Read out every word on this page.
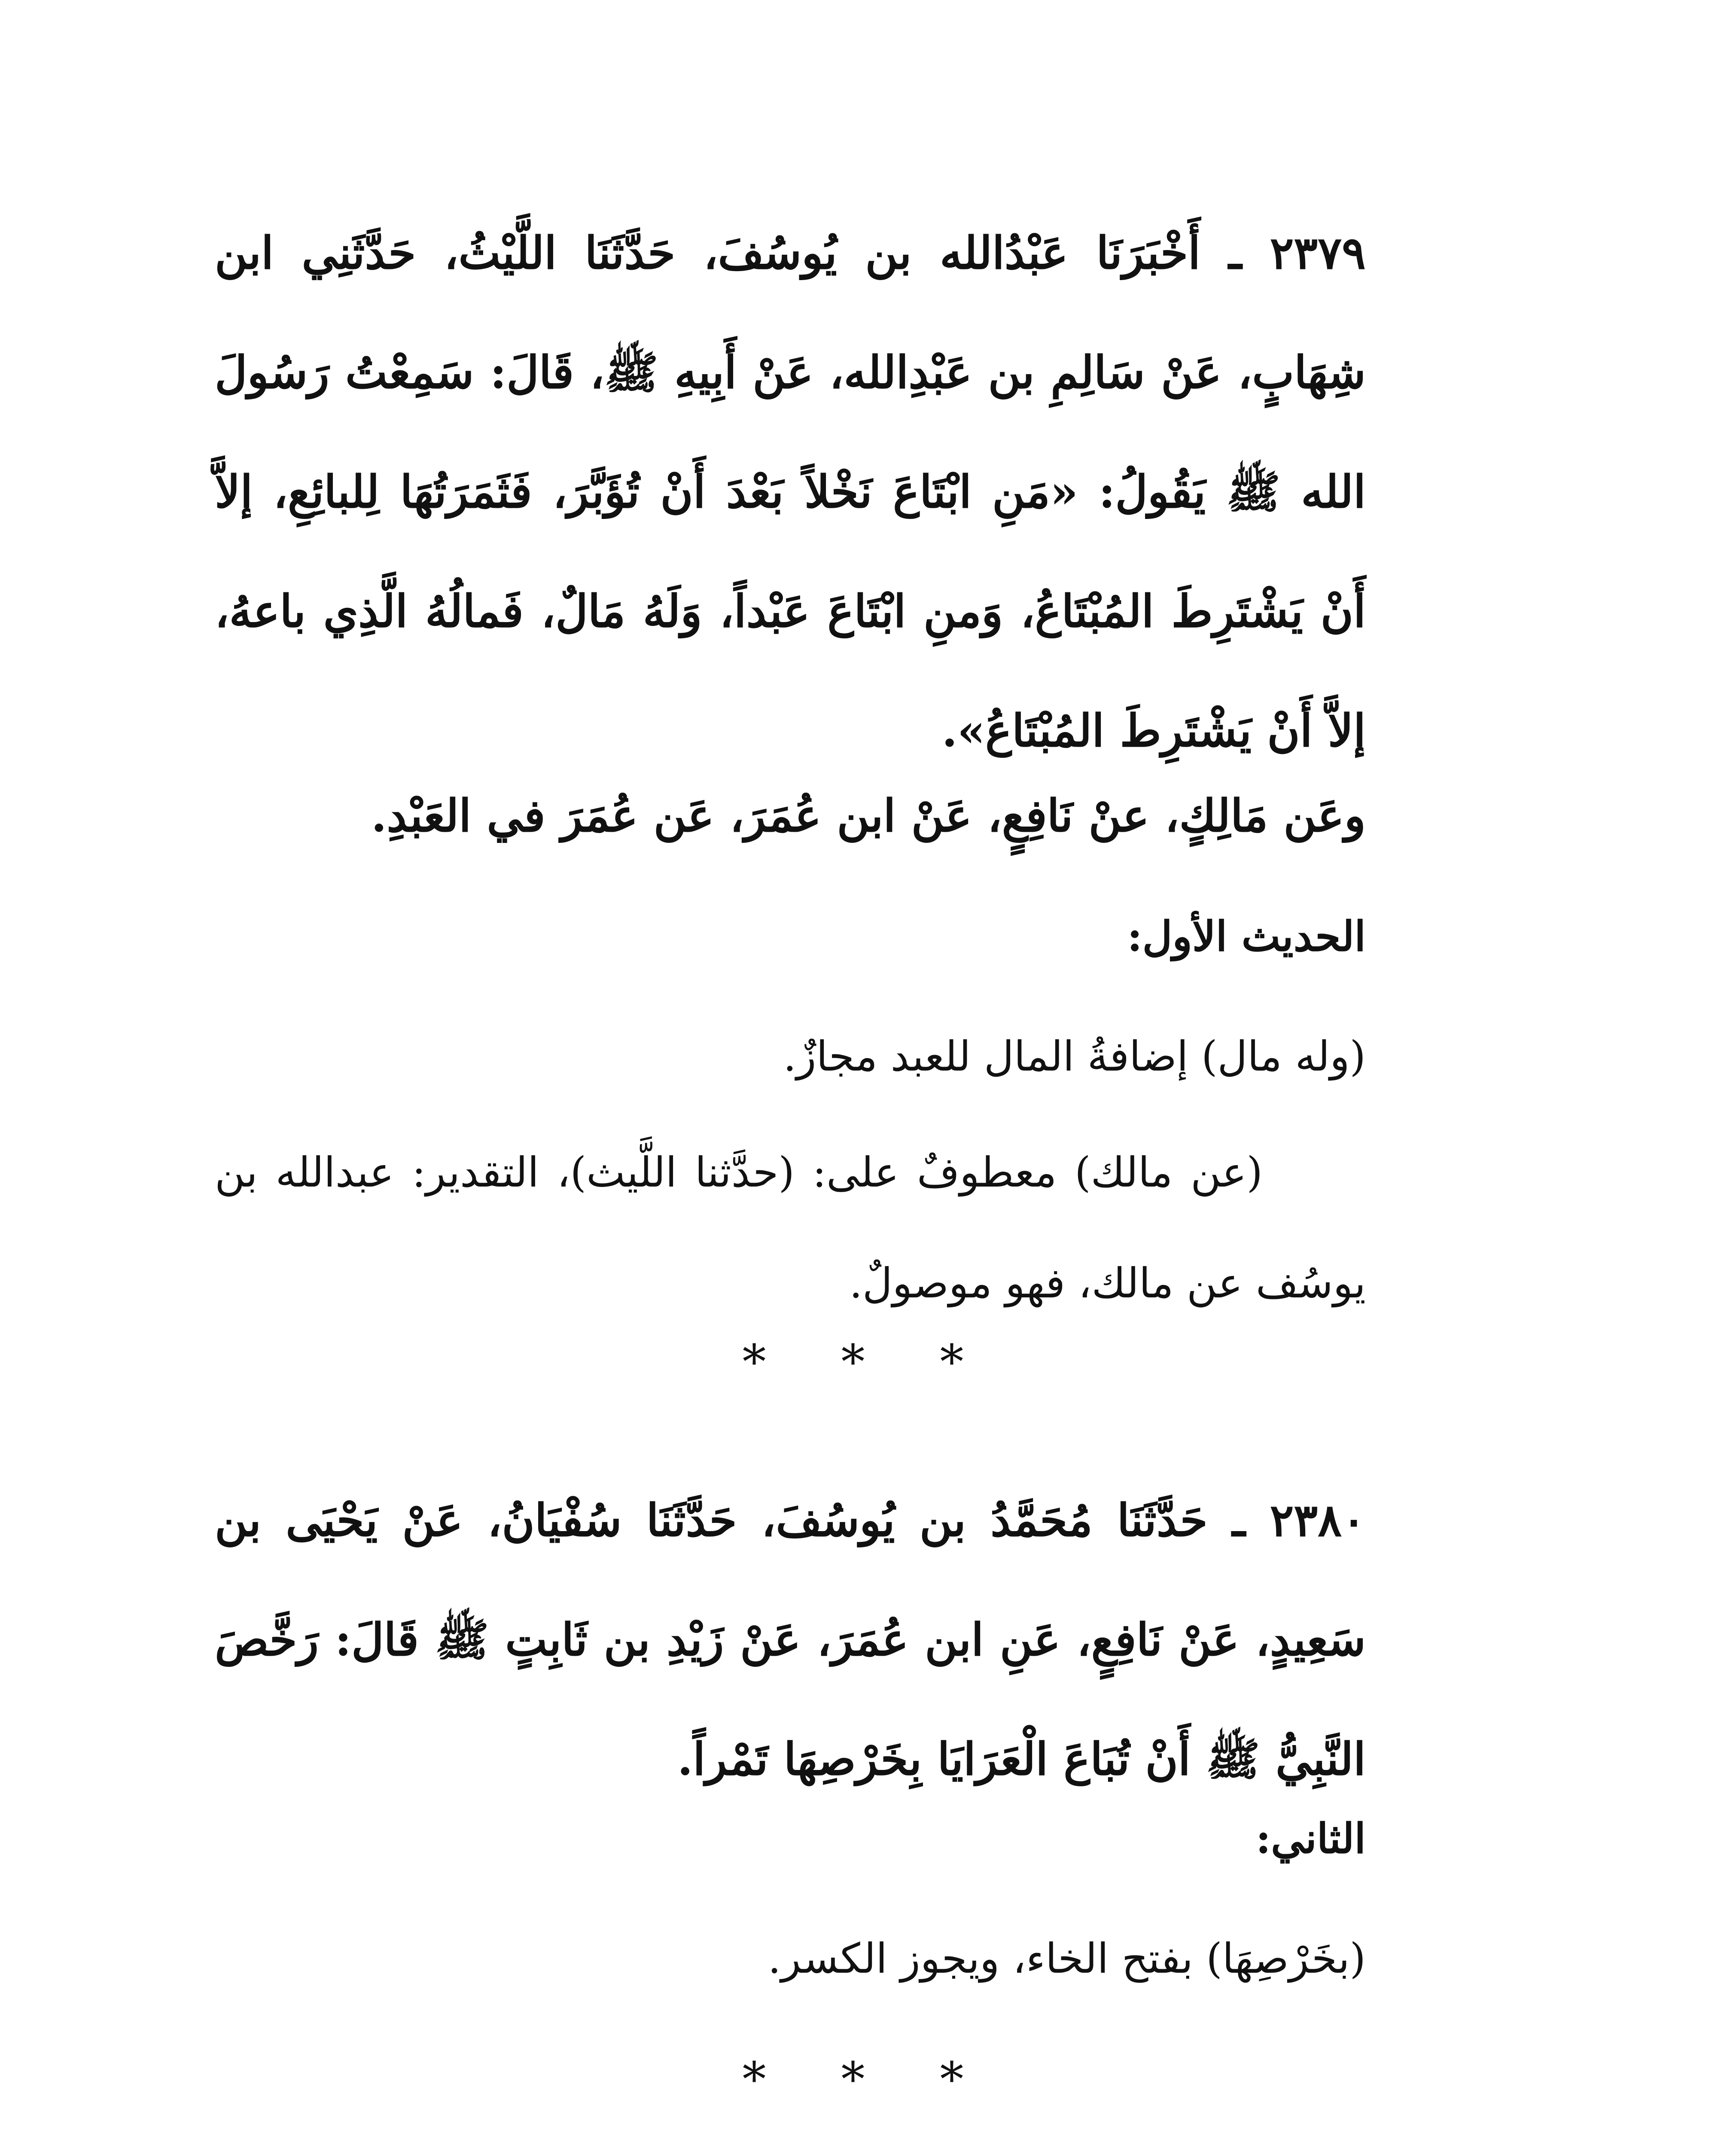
٢٣٧٩ ـ أَخْبَرَنَا عَبْدُالله بن يُوسُفَ، حَدَّثَنَا اللَّيْثُ، حَدَّثَنِي ابن شِهَابٍ، عَنْ سَالِمِ بن عَبْدِالله، عَنْ أَبِيهِ ﷺ، قَالَ: سَمِعْتُ رَسُولَ الله ﷺ يَقُولُ: «مَنِ ابْتَاعَ نَخْلاً بَعْدَ أَنْ تُؤَبَّرَ، فَثَمَرَتُهَا لِلبائِعِ، إلاَّ أَنْ يَشْتَرِطَ المُبْتَاعُ، وَمنِ ابْتَاعَ عَبْداً، وَلَهُ مَالٌ، فَمالُهُ الَّذِي باعهُ، إلاَّ أَنْ يَشْتَرِطَ المُبْتَاعُ».
وعَن مَالِكٍ، عنْ نَافِعٍ، عَنْ ابن عُمَرَ، عَن عُمَرَ في العَبْدِ.
الحديث الأول:
(وله مال) إضافةُ المال للعبد مجازٌ.
(عن مالك) معطوفٌ على: (حدَّثنا اللَّيث)، التقدير: عبدالله بن يوسُف عن مالك، فهو موصولٌ.
* * *
٢٣٨٠ ـ حَدَّثَنَا مُحَمَّدُ بن يُوسُفَ، حَدَّثَنَا سُفْيَانُ، عَنْ يَحْيَى بن سَعِيدٍ، عَنْ نَافِعٍ، عَنِ ابن عُمَرَ، عَنْ زَيْدِ بن ثَابِتٍ ﷺ قَالَ: رَخَّصَ النَّبِيُّ ﷺ أَنْ تُبَاعَ الْعَرَايَا بِخَرْصِهَا تَمْراً.
الثاني:
(بخَرْصِهَا) بفتح الخاء، ويجوز الكسر.
* * *
